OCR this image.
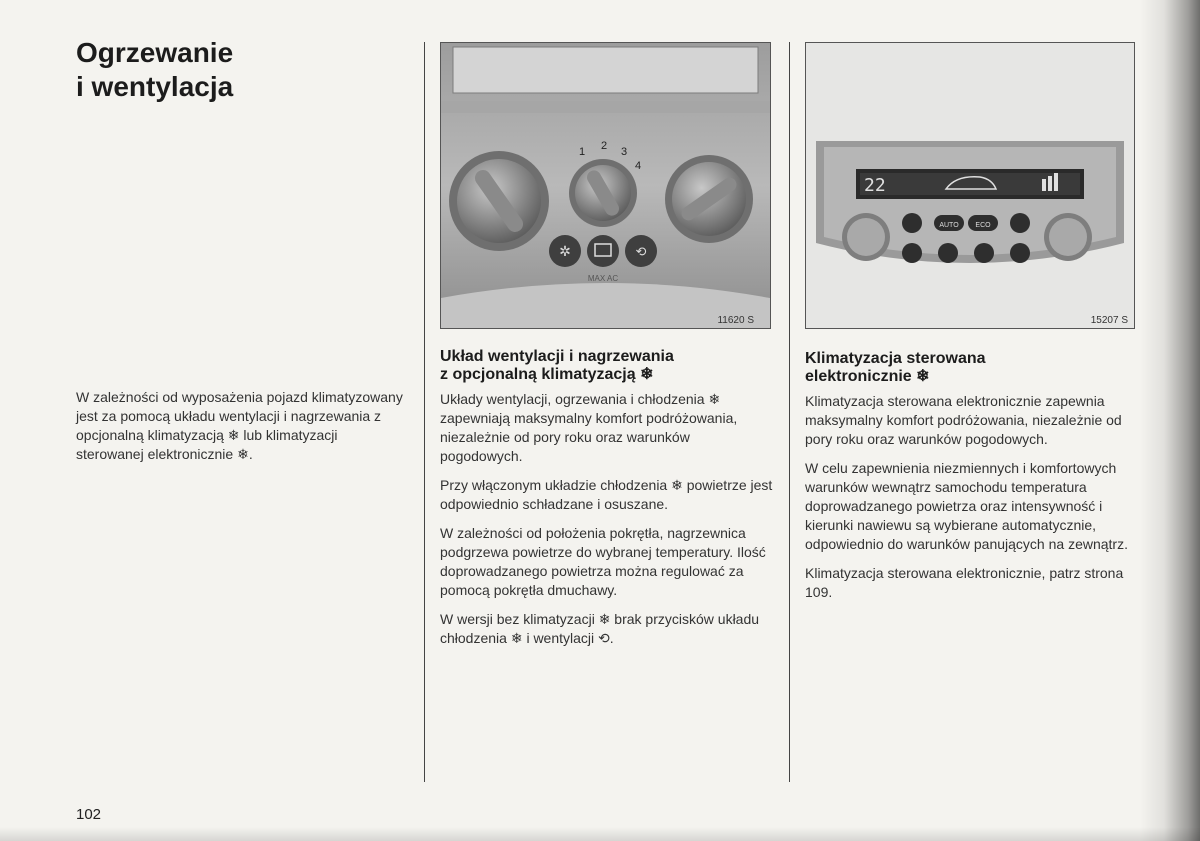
Ogrzewanie
i wentylacja

W zależności od wyposażenia pojazd klimatyzowany jest za pomocą układu wentylacji i nagrzewania z opcjonalną klimatyzacją ❄ lub klimatyzacji sterowanej elektronicznie ❄.

1 2 3
4
✲	⟲
MAX AC
11620 S
22
AUTO ECO
15207 S
Układ wentylacji i nagrzewania
z opcjonalną klimatyzacją ❄

Układy wentylacji, ogrzewania i chłodzenia ❄ zapewniają maksymalny komfort podróżowania, niezależnie od pory roku oraz warunków pogodowych.

Przy włączonym układzie chłodzenia ❄ powietrze jest odpowiednio schładzane i osuszane.

W zależności od położenia pokrętła, nagrzewnica podgrzewa powietrze do wybranej temperatury. Ilość doprowadzanego powietrza można regulować za pomocą pokrętła dmuchawy.

W wersji bez klimatyzacji ❄ brak przycisków układu chłodzenia ❄ i wentylacji ⟲.

Klimatyzacja sterowana
elektronicznie ❄

Klimatyzacja sterowana elektronicznie zapewnia maksymalny komfort podróżowania, niezależnie od pory roku oraz warunków pogodowych.

W celu zapewnienia niezmiennych i komfortowych warunków wewnątrz samochodu temperatura doprowadzanego powietrza oraz intensywność i kierunki nawiewu są wybierane automatycznie, odpowiednio do warunków panujących na zewnątrz.

Klimatyzacja sterowana elektronicznie, patrz strona 109.

102
